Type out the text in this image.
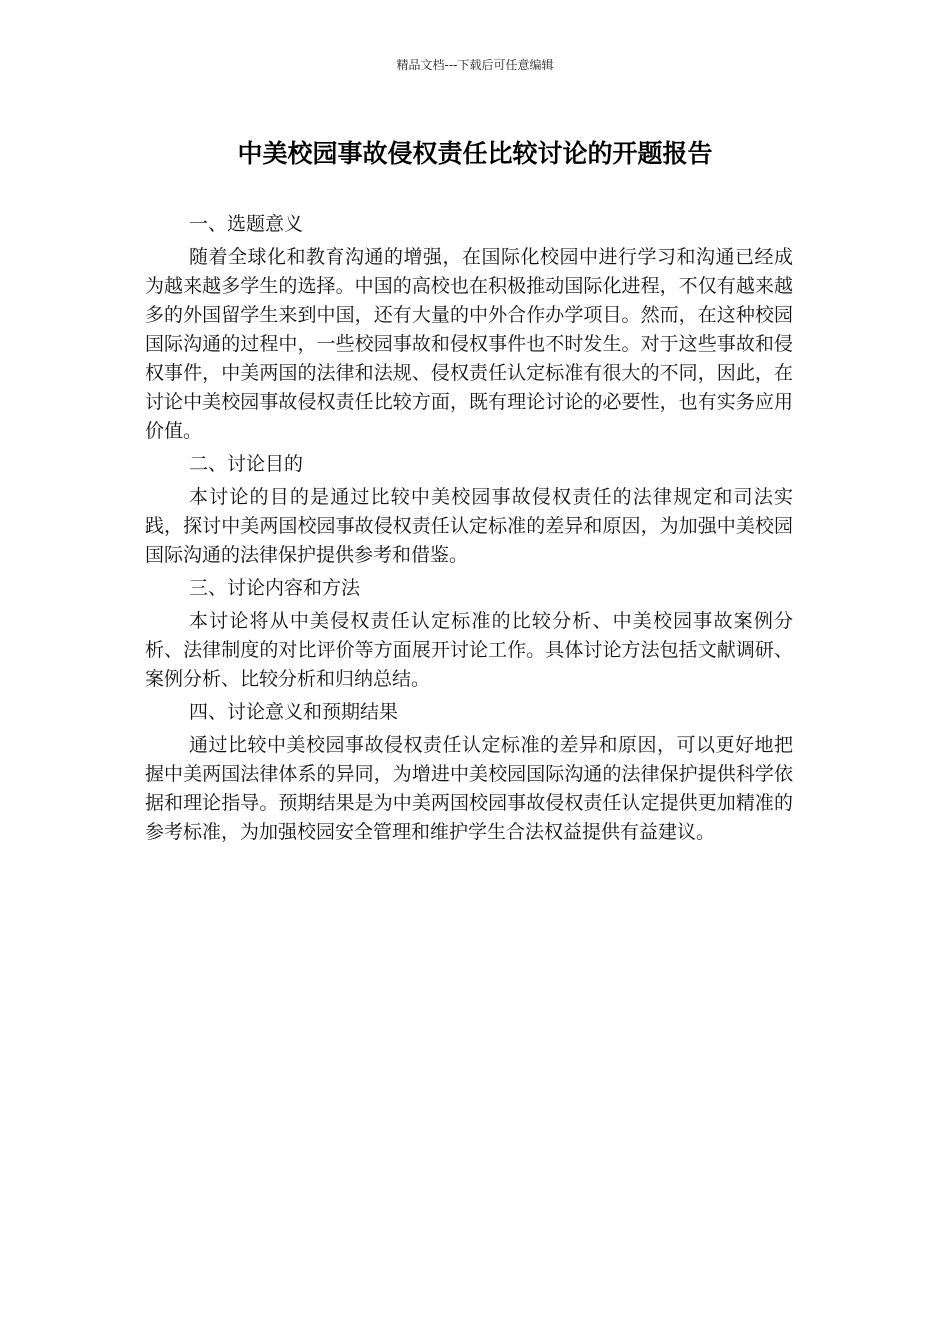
精品文档---下载后可任意编辑
中美校园事故侵权责任比较讨论的开题报告
一、选题意义

随着全球化和教育沟通的增强，在国际化校园中进行学习和沟通已经成为越来越多学生的选择。中国的高校也在积极推动国际化进程，不仅有越来越多的外国留学生来到中国，还有大量的中外合作办学项目。然而，在这种校园国际沟通的过程中，一些校园事故和侵权事件也不时发生。对于这些事故和侵权事件，中美两国的法律和法规、侵权责任认定标准有很大的不同，因此，在讨论中美校园事故侵权责任比较方面，既有理论讨论的必要性，也有实务应用价值。

二、讨论目的

本讨论的目的是通过比较中美校园事故侵权责任的法律规定和司法实践，探讨中美两国校园事故侵权责任认定标准的差异和原因，为加强中美校园国际沟通的法律保护提供参考和借鉴。

三、讨论内容和方法

本讨论将从中美侵权责任认定标准的比较分析、中美校园事故案例分析、法律制度的对比评价等方面展开讨论工作。具体讨论方法包括文献调研、案例分析、比较分析和归纳总结。

四、讨论意义和预期结果

通过比较中美校园事故侵权责任认定标准的差异和原因，可以更好地把握中美两国法律体系的异同，为增进中美校园国际沟通的法律保护提供科学依据和理论指导。预期结果是为中美两国校园事故侵权责任认定提供更加精准的参考标准，为加强校园安全管理和维护学生合法权益提供有益建议。
